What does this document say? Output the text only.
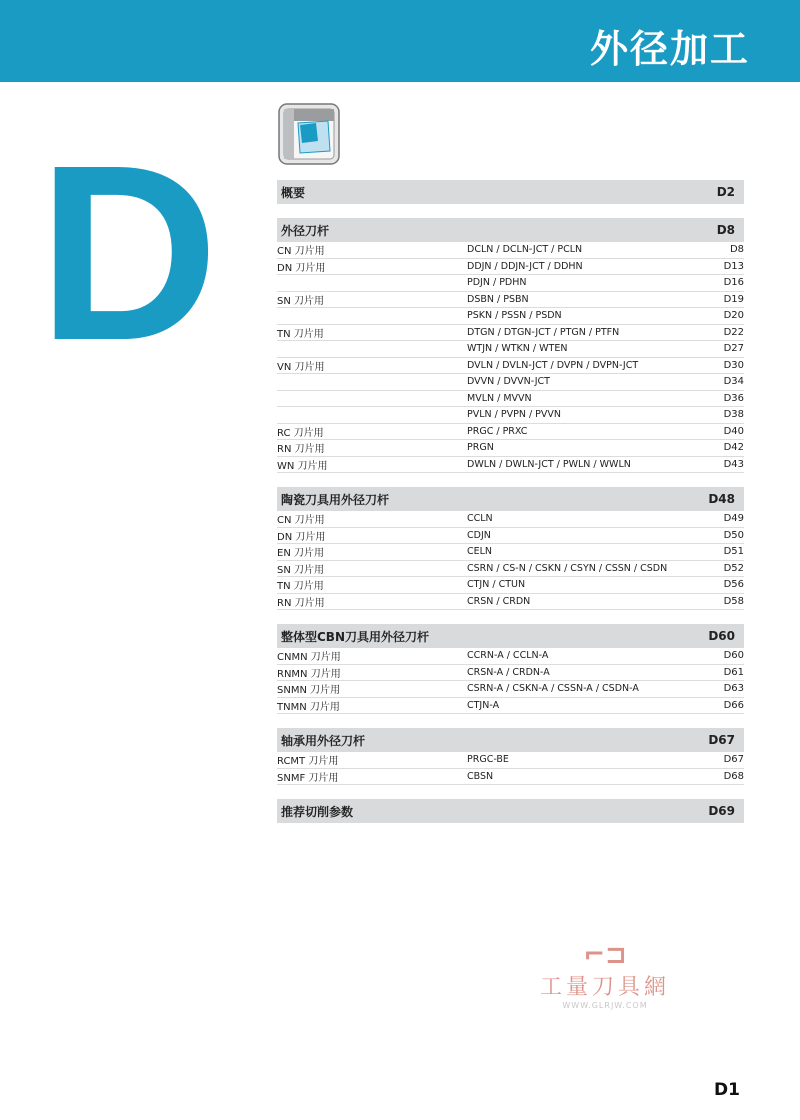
外径加工
D	概要	D2
外径刀杆	D8
CN 刀片用	DCLN / DCLN-JCT / PCLN	D8
DN 刀片用	DDJN / DDJN-JCT / DDHN	D13
PDJN / PDHN	D16
SN 刀片用	DSBN / PSBN	D19
PSKN / PSSN / PSDN	D20
TN 刀片用	DTGN / DTGN-JCT / PTGN / PTFN	D22
WTJN / WTKN / WTEN	D27
VN 刀片用	DVLN / DVLN-JCT / DVPN / DVPN-JCT	D30
DVVN / DVVN-JCT	D34
MVLN / MVVN	D36
PVLN / PVPN / PVVN	D38
RC 刀片用	PRGC / PRXC	D40
RN 刀片用	PRGN	D42
WN 刀片用	DWLN / DWLN-JCT / PWLN / WWLN	D43
陶瓷刀具用外径刀杆	D48
CN 刀片用	CCLN	D49
DN 刀片用	CDJN	D50
EN 刀片用	CELN	D51
SN 刀片用	CSRN / CS-N / CSKN / CSYN / CSSN / CSDN	D52
TN 刀片用	CTJN / CTUN	D56
RN 刀片用	CRSN / CRDN	D58
整体型CBN刀具用外径刀杆	D60
CNMN 刀片用	CCRN-A / CCLN-A	D60
RNMN 刀片用	CRSN-A / CRDN-A	D61
SNMN 刀片用	CSRN-A / CSKN-A / CSSN-A / CSDN-A	D63
TNMN 刀片用	CTJN-A	D66
轴承用外径刀杆	D67
RCMT 刀片用	PRGC-BE	D67
SNMF 刀片用	CBSN	D68
推荐切削参数	D69
⌐⊐
工量刀具網
WWW.GLRJW.COM
D1
